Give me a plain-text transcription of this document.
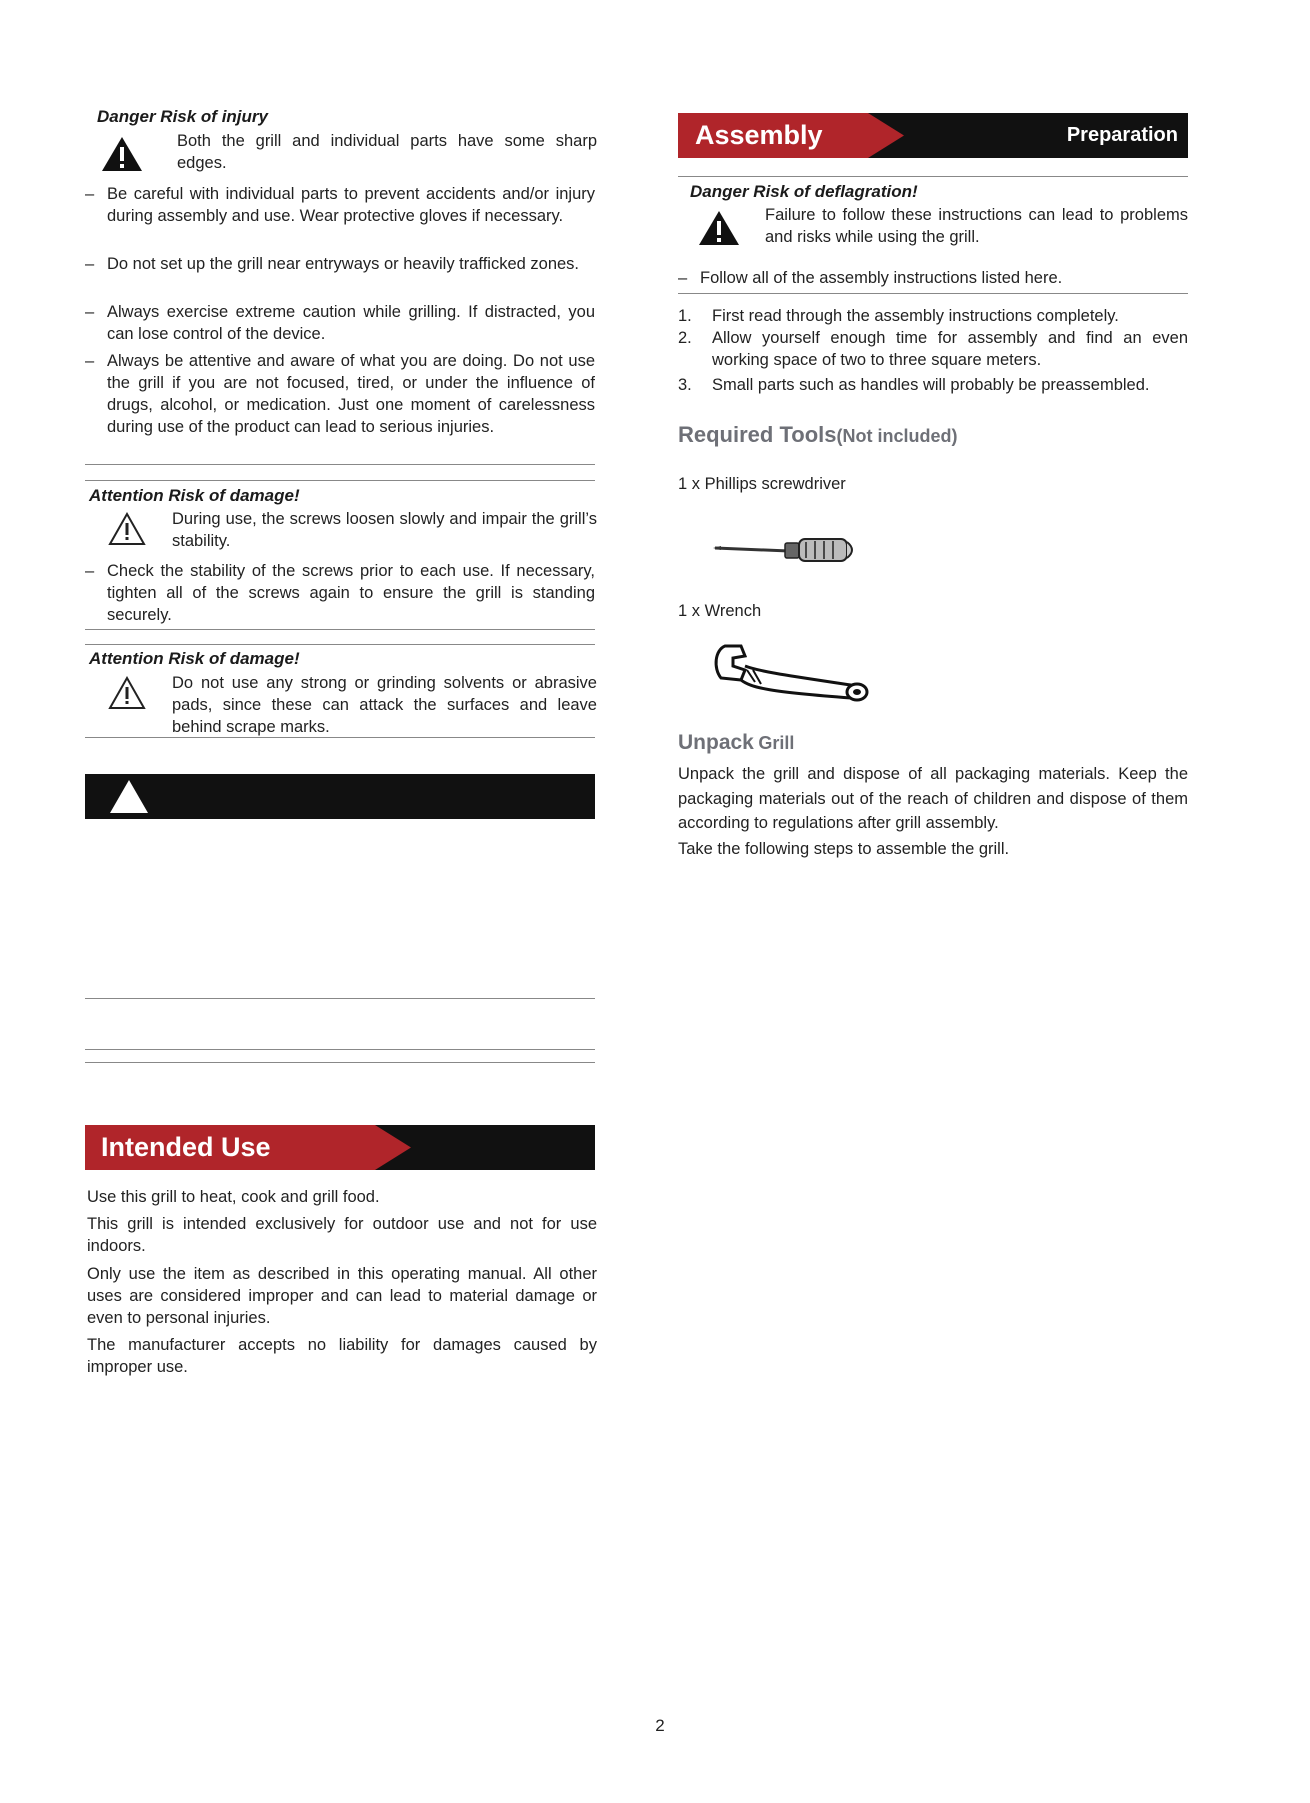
Danger Risk of injury
Both the grill and individual parts have some sharp edges.
– Be careful with individual parts to prevent accidents and/or injury during assembly and use. Wear protective gloves if necessary.
– Do not set up the grill near entryways or heavily trafficked zones.
– Always exercise extreme caution while grilling. If distracted, you can lose control of the device.
– Always be attentive and aware of what you are doing. Do not use the grill if you are not focused, tired, or under the influence of drugs, alcohol, or medication. Just one moment of carelessness during use of the product can lead to serious injuries.
Attention Risk of damage!
During use, the screws loosen slowly and impair the grill’s stability.
– Check the stability of the screws prior to each use. If necessary, tighten all of the screws again to ensure the grill is standing securely.
Attention Risk of damage!
Do not use any strong or grinding solvents or abrasive pads, since these can attack the surfaces and leave behind scrape marks.
Intended Use
Use this grill to heat, cook and grill food.
This grill is intended exclusively for outdoor use and not for use indoors.
Only use the item as described in this operating manual. All other uses are considered improper and can lead to material damage or even to personal injuries.
The manufacturer accepts no liability for damages caused by improper use.
Assembly	Preparation
Danger Risk of deflagration!
Failure to follow these instructions can lead to problems and risks while using the grill.
– Follow all of the assembly instructions listed here.
1. First read through the assembly instructions completely.
2. Allow yourself enough time for assembly and find an even working space of two to three square meters.
3. Small parts such as handles will probably be preassembled.
Required Tools(Not included)
1 x Phillips screwdriver
1 x Wrench
Unpack Grill
Unpack the grill and dispose of all packaging materials. Keep the packaging materials out of the reach of children and dispose of them according to regulations after grill assembly.
Take the following steps to assemble the grill.
2
